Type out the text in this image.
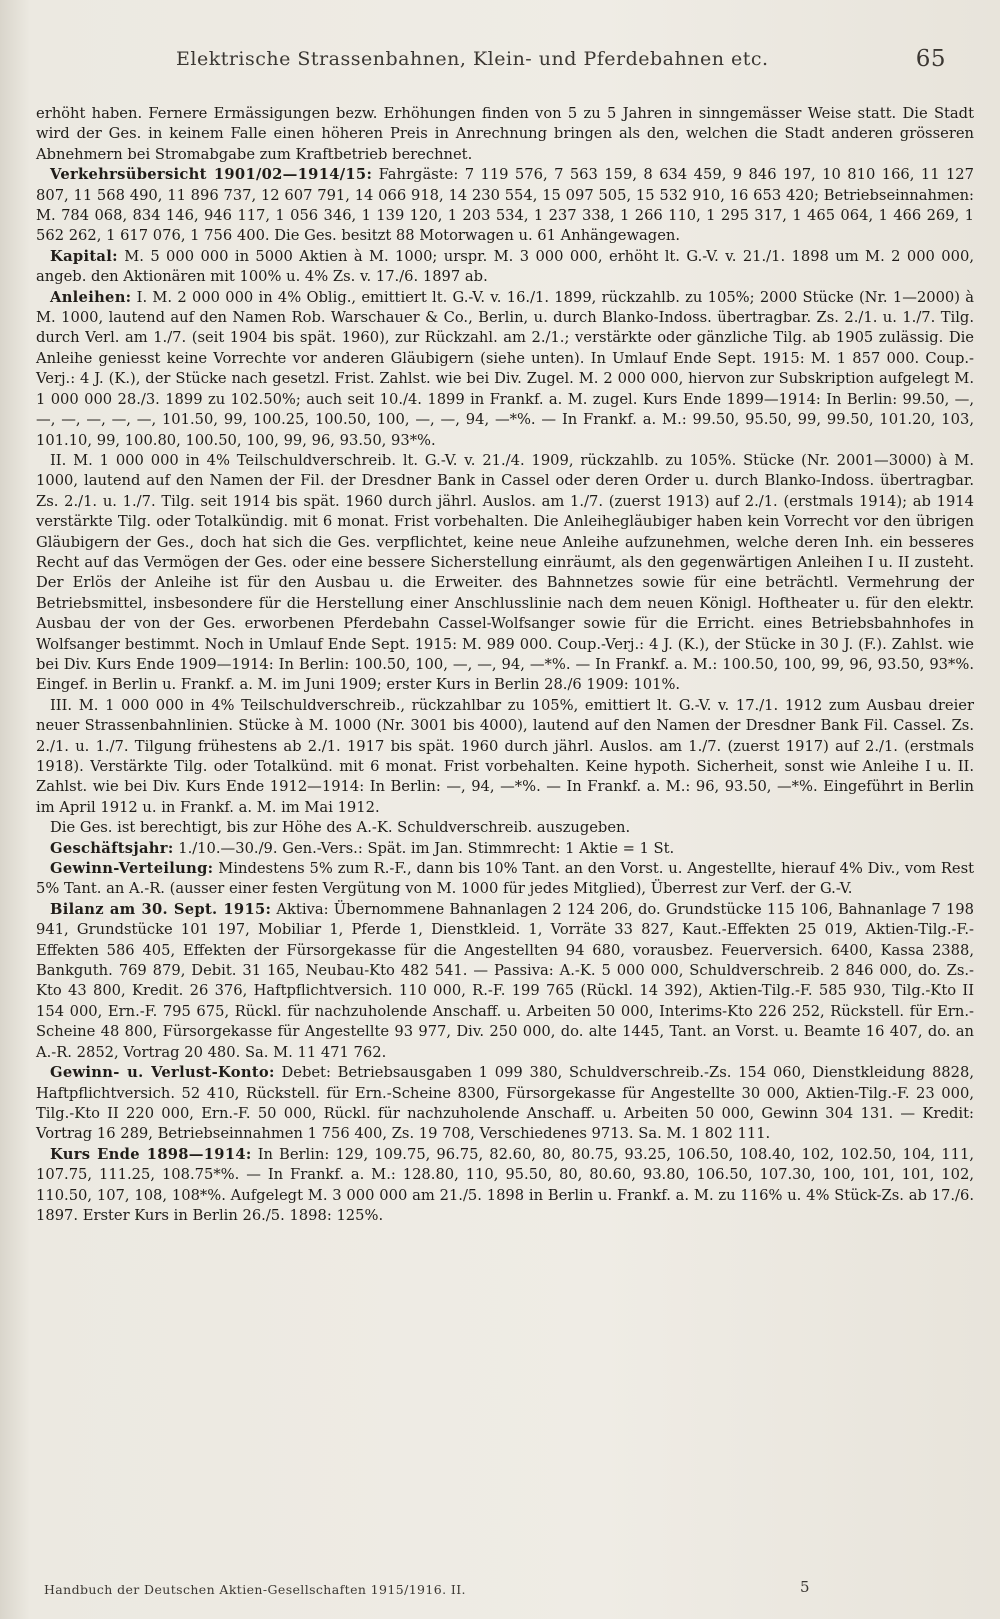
Elektrische Strassenbahnen, Klein- und Pferdebahnen etc.	65

erhöht haben. Fernere Ermässigungen bezw. Erhöhungen finden von 5 zu 5 Jahren in sinngemässer Weise statt. Die Stadt wird der Ges. in keinem Falle einen höheren Preis in Anrechnung bringen als den, welchen die Stadt anderen grösseren Abnehmern bei Stromabgabe zum Kraftbetrieb berechnet.

Verkehrsübersicht 1901/02—1914/15: Fahrgäste: 7 119 576, 7 563 159, 8 634 459, 9 846 197, 10 810 166, 11 127 807, 11 568 490, 11 896 737, 12 607 791, 14 066 918, 14 230 554, 15 097 505, 15 532 910, 16 653 420; Betriebseinnahmen: M. 784 068, 834 146, 946 117, 1 056 346, 1 139 120, 1 203 534, 1 237 338, 1 266 110, 1 295 317, 1 465 064, 1 466 269, 1 562 262, 1 617 076, 1 756 400. Die Ges. besitzt 88 Motorwagen u. 61 Anhängewagen.

Kapital: M. 5 000 000 in 5000 Aktien à M. 1000; urspr. M. 3 000 000, erhöht lt. G.-V. v. 21./1. 1898 um M. 2 000 000, angeb. den Aktionären mit 100% u. 4% Zs. v. 17./6. 1897 ab.

Anleihen: I. M. 2 000 000 in 4% Oblig., emittiert lt. G.-V. v. 16./1. 1899, rückzahlb. zu 105%; 2000 Stücke (Nr. 1—2000) à M. 1000, lautend auf den Namen Rob. Warschauer & Co., Berlin, u. durch Blanko-Indoss. übertragbar. Zs. 2./1. u. 1./7. Tilg. durch Verl. am 1./7. (seit 1904 bis spät. 1960), zur Rückzahl. am 2./1.; verstärkte oder gänzliche Tilg. ab 1905 zulässig. Die Anleihe geniesst keine Vorrechte vor anderen Gläubigern (siehe unten). In Umlauf Ende Sept. 1915: M. 1 857 000. Coup.-Verj.: 4 J. (K.), der Stücke nach gesetzl. Frist. Zahlst. wie bei Div. Zugel. M. 2 000 000, hiervon zur Subskription aufgelegt M. 1 000 000 28./3. 1899 zu 102.50%; auch seit 10./4. 1899 in Frankf. a. M. zugel. Kurs Ende 1899—1914: In Berlin: 99.50, —, —, —, —, —, —, 101.50, 99, 100.25, 100.50, 100, —, —, 94, —*%. — In Frankf. a. M.: 99.50, 95.50, 99, 99.50, 101.20, 103, 101.10, 99, 100.80, 100.50, 100, 99, 96, 93.50, 93*%.

II. M. 1 000 000 in 4% Teilschuldverschreib. lt. G.-V. v. 21./4. 1909, rückzahlb. zu 105%. Stücke (Nr. 2001—3000) à M. 1000, lautend auf den Namen der Fil. der Dresdner Bank in Cassel oder deren Order u. durch Blanko-Indoss. übertragbar. Zs. 2./1. u. 1./7. Tilg. seit 1914 bis spät. 1960 durch jährl. Auslos. am 1./7. (zuerst 1913) auf 2./1. (erstmals 1914); ab 1914 verstärkte Tilg. oder Totalkündig. mit 6 monat. Frist vorbehalten. Die Anleihegläubiger haben kein Vorrecht vor den übrigen Gläubigern der Ges., doch hat sich die Ges. verpflichtet, keine neue Anleihe aufzunehmen, welche deren Inh. ein besseres Recht auf das Vermögen der Ges. oder eine bessere Sicherstellung einräumt, als den gegenwärtigen Anleihen I u. II zusteht. Der Erlös der Anleihe ist für den Ausbau u. die Erweiter. des Bahnnetzes sowie für eine beträchtl. Vermehrung der Betriebsmittel, insbesondere für die Herstellung einer Anschlusslinie nach dem neuen Königl. Hoftheater u. für den elektr. Ausbau der von der Ges. erworbenen Pferdebahn Cassel-Wolfsanger sowie für die Erricht. eines Betriebsbahnhofes in Wolfsanger bestimmt. Noch in Umlauf Ende Sept. 1915: M. 989 000. Coup.-Verj.: 4 J. (K.), der Stücke in 30 J. (F.). Zahlst. wie bei Div. Kurs Ende 1909—1914: In Berlin: 100.50, 100, —, —, 94, —*%. — In Frankf. a. M.: 100.50, 100, 99, 96, 93.50, 93*%. Eingef. in Berlin u. Frankf. a. M. im Juni 1909; erster Kurs in Berlin 28./6 1909: 101%.

III. M. 1 000 000 in 4% Teilschuldverschreib., rückzahlbar zu 105%, emittiert lt. G.-V. v. 17./1. 1912 zum Ausbau dreier neuer Strassenbahnlinien. Stücke à M. 1000 (Nr. 3001 bis 4000), lautend auf den Namen der Dresdner Bank Fil. Cassel. Zs. 2./1. u. 1./7. Tilgung frühestens ab 2./1. 1917 bis spät. 1960 durch jährl. Auslos. am 1./7. (zuerst 1917) auf 2./1. (erstmals 1918). Verstärkte Tilg. oder Totalkünd. mit 6 monat. Frist vorbehalten. Keine hypoth. Sicherheit, sonst wie Anleihe I u. II. Zahlst. wie bei Div. Kurs Ende 1912—1914: In Berlin: —, 94, —*%. — In Frankf. a. M.: 96, 93.50, —*%. Eingeführt in Berlin im April 1912 u. in Frankf. a. M. im Mai 1912.

Die Ges. ist berechtigt, bis zur Höhe des A.-K. Schuldverschreib. auszugeben.

Geschäftsjahr: 1./10.—30./9. Gen.-Vers.: Spät. im Jan. Stimmrecht: 1 Aktie = 1 St.

Gewinn-Verteilung: Mindestens 5% zum R.-F., dann bis 10% Tant. an den Vorst. u. Angestellte, hierauf 4% Div., vom Rest 5% Tant. an A.-R. (ausser einer festen Vergütung von M. 1000 für jedes Mitglied), Überrest zur Verf. der G.-V.

Bilanz am 30. Sept. 1915: Aktiva: Übernommene Bahnanlagen 2 124 206, do. Grundstücke 115 106, Bahnanlage 7 198 941, Grundstücke 101 197, Mobiliar 1, Pferde 1, Dienstkleid. 1, Vorräte 33 827, Kaut.-Effekten 25 019, Aktien-Tilg.-F.-Effekten 586 405, Effekten der Fürsorgekasse für die Angestellten 94 680, vorausbez. Feuerversich. 6400, Kassa 2388, Bankguth. 769 879, Debit. 31 165, Neubau-Kto 482 541. — Passiva: A.-K. 5 000 000, Schuldverschreib. 2 846 000, do. Zs.-Kto 43 800, Kredit. 26 376, Haftpflichtversich. 110 000, R.-F. 199 765 (Rückl. 14 392), Aktien-Tilg.-F. 585 930, Tilg.-Kto II 154 000, Ern.-F. 795 675, Rückl. für nachzuholende Anschaff. u. Arbeiten 50 000, Interims-Kto 226 252, Rückstell. für Ern.-Scheine 48 800, Fürsorgekasse für Angestellte 93 977, Div. 250 000, do. alte 1445, Tant. an Vorst. u. Beamte 16 407, do. an A.-R. 2852, Vortrag 20 480. Sa. M. 11 471 762.

Gewinn- u. Verlust-Konto: Debet: Betriebsausgaben 1 099 380, Schuldverschreib.-Zs. 154 060, Dienstkleidung 8828, Haftpflichtversich. 52 410, Rückstell. für Ern.-Scheine 8300, Fürsorgekasse für Angestellte 30 000, Aktien-Tilg.-F. 23 000, Tilg.-Kto II 220 000, Ern.-F. 50 000, Rückl. für nachzuholende Anschaff. u. Arbeiten 50 000, Gewinn 304 131. — Kredit: Vortrag 16 289, Betriebseinnahmen 1 756 400, Zs. 19 708, Verschiedenes 9713. Sa. M. 1 802 111.

Kurs Ende 1898—1914: In Berlin: 129, 109.75, 96.75, 82.60, 80, 80.75, 93.25, 106.50, 108.40, 102, 102.50, 104, 111, 107.75, 111.25, 108.75*%. — In Frankf. a. M.: 128.80, 110, 95.50, 80, 80.60, 93.80, 106.50, 107.30, 100, 101, 101, 102, 110.50, 107, 108, 108*%. Aufgelegt M. 3 000 000 am 21./5. 1898 in Berlin u. Frankf. a. M. zu 116% u. 4% Stück-Zs. ab 17./6. 1897. Erster Kurs in Berlin 26./5. 1898: 125%.

Handbuch der Deutschen Aktien-Gesellschaften 1915/1916. II.	5
